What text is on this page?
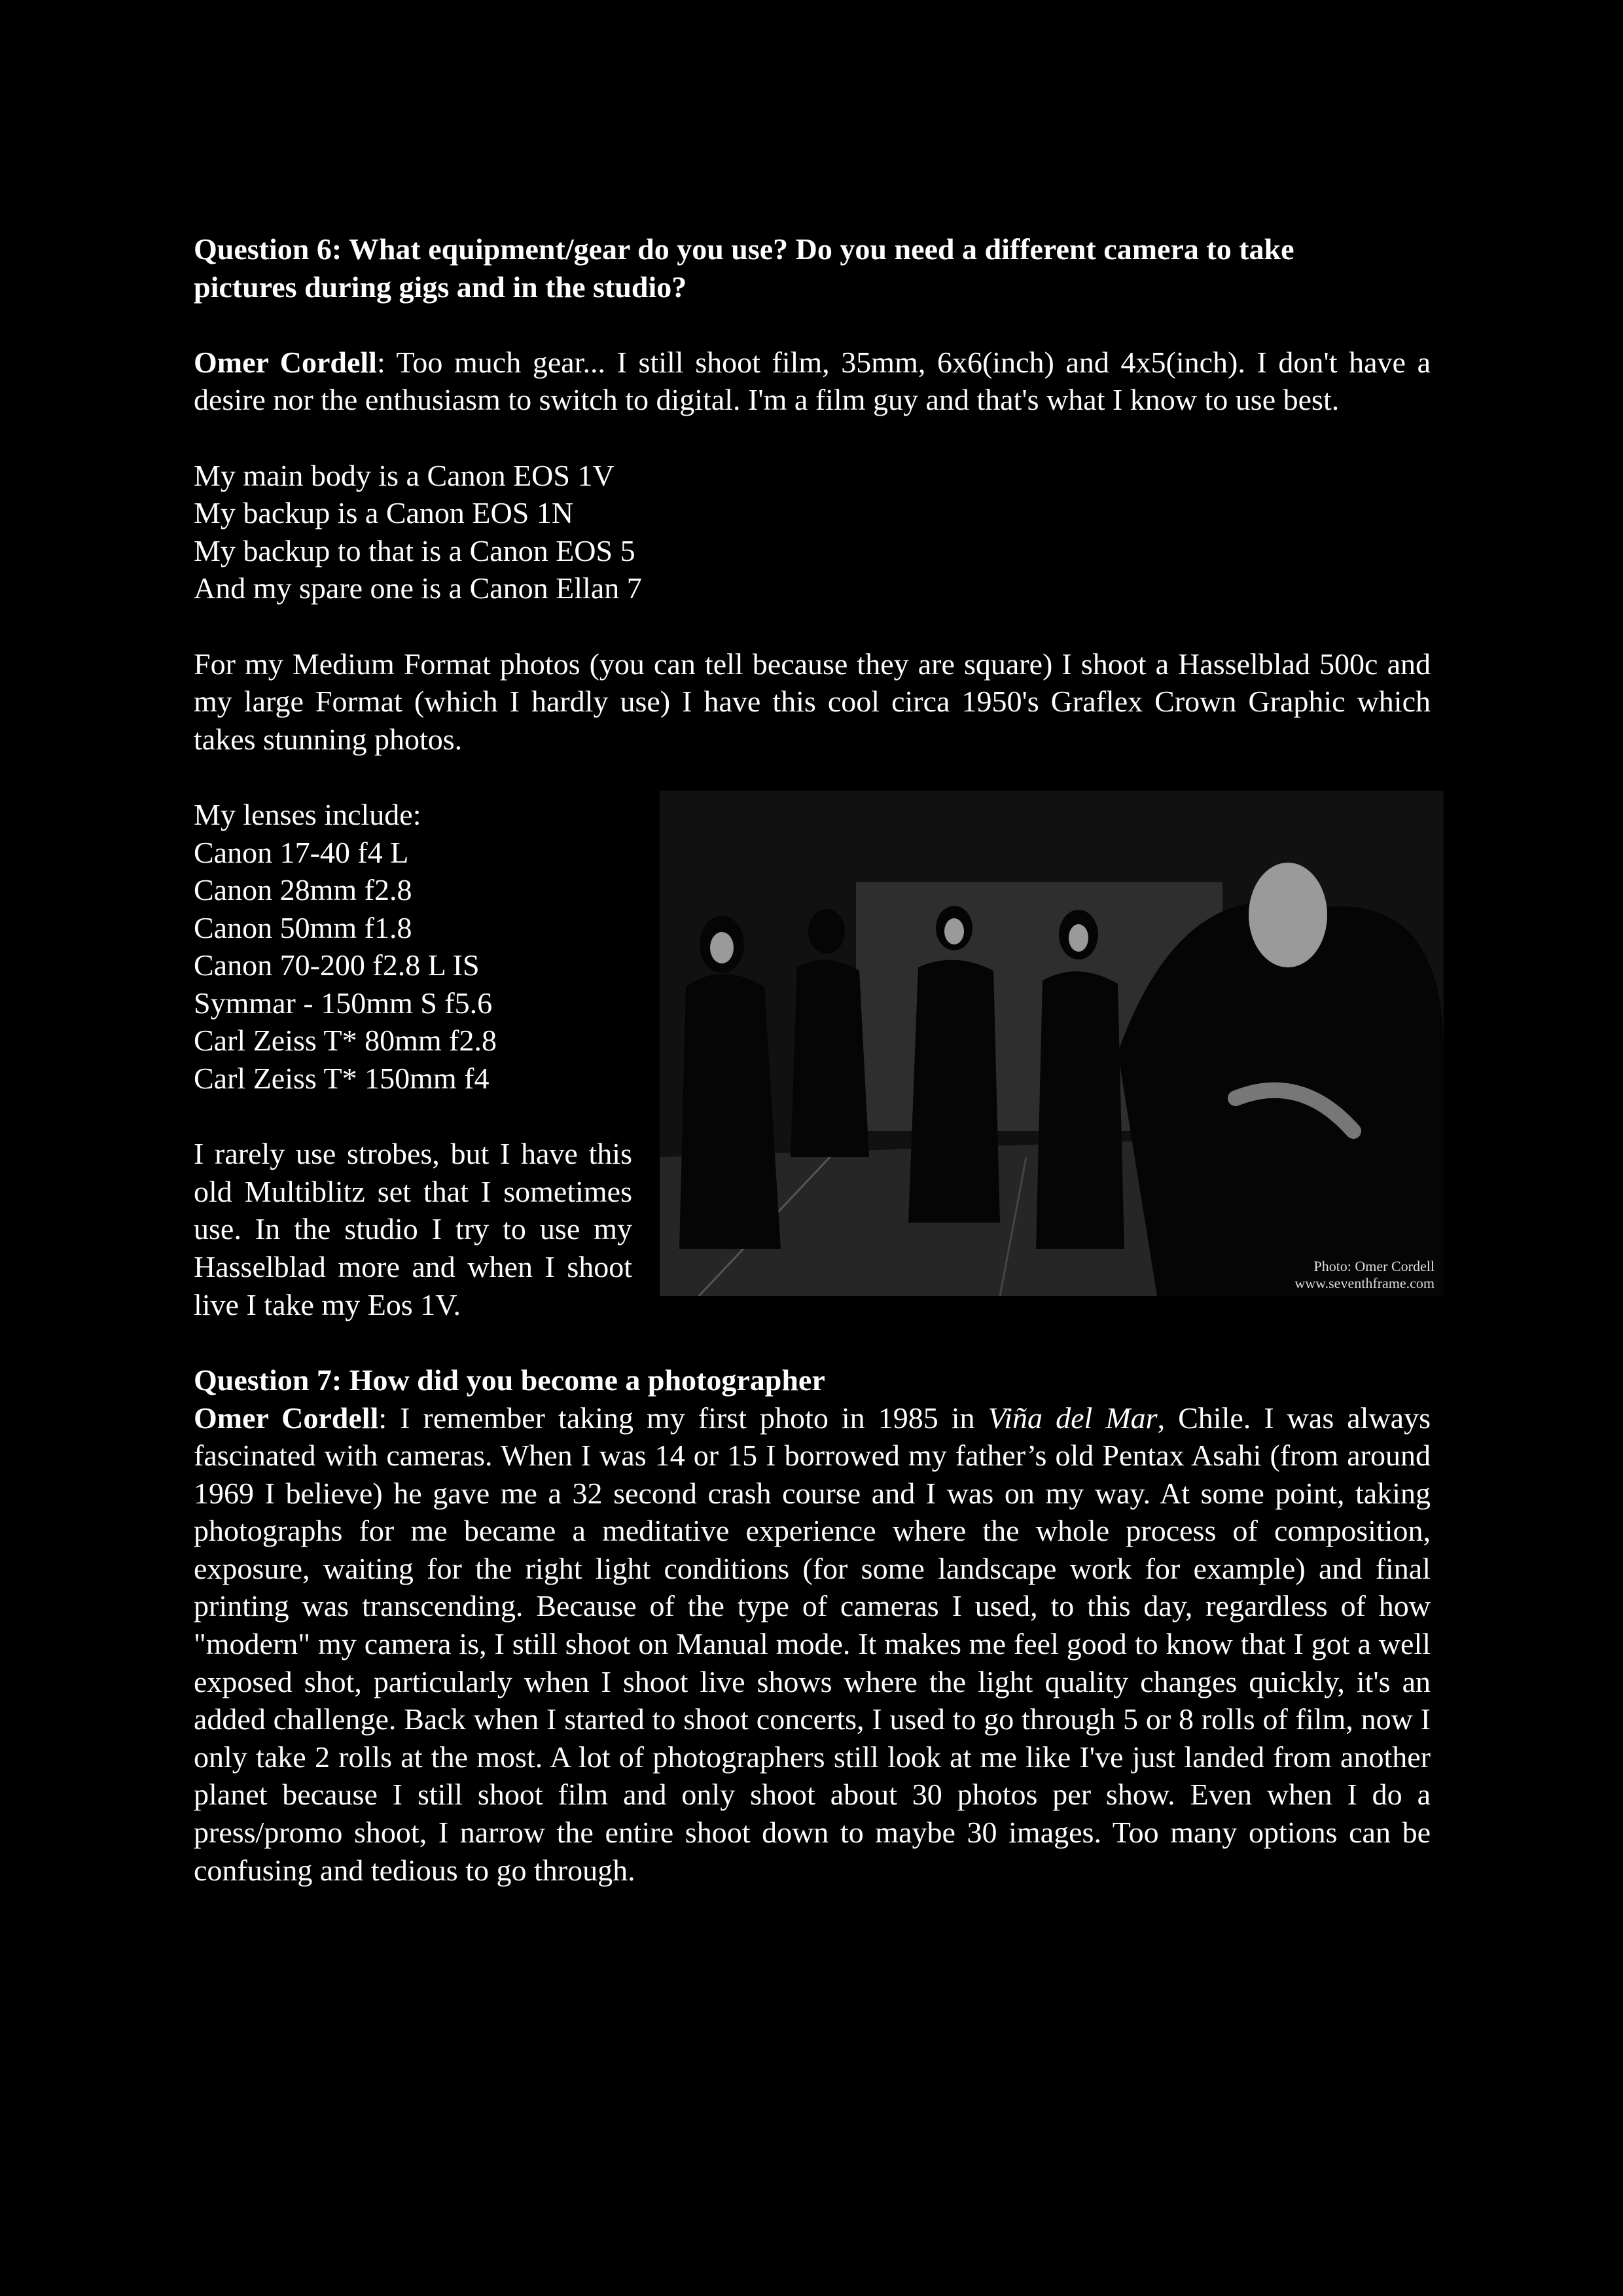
Question 6: What equipment/gear do you use? Do you need a different camera to take
pictures during gigs and in the studio?

Omer Cordell: Too much gear... I still shoot film, 35mm, 6x6(inch) and 4x5(inch). I don't have a desire nor the enthusiasm to switch to digital. I'm a film guy and that's what I know to use best.

My main body is a Canon EOS 1V

My backup is a Canon EOS 1N

My backup to that is a Canon EOS 5

And my spare one is a Canon Ellan 7

For my Medium Format photos (you can tell because they are square) I shoot a Hasselblad 500c and my large Format (which I hardly use) I have this cool circa 1950's Graflex Crown Graphic which takes stunning photos.

My lenses include:

Canon 17-40 f4 L

Canon 28mm f2.8

Canon 50mm f1.8

Canon 70-200 f2.8 L IS

Symmar - 150mm S f5.6

Carl Zeiss T* 80mm f2.8

Carl Zeiss T* 150mm f4

I rarely use strobes, but I have this old Multiblitz set that I sometimes use. In the studio I try to use my Hasselblad more and when I shoot live I take my Eos 1V.

Photo: Omer Cordell
www.seventhframe.com

Question 7: How did you become a photographer

Omer Cordell: I remember taking my first photo in 1985 in Viña del Mar, Chile. I was always fascinated with cameras. When I was 14 or 15 I borrowed my father’s old Pentax Asahi (from around 1969 I believe) he gave me a 32 second crash course and I was on my way. At some point, taking photographs for me became a meditative experience where the whole process of composition, exposure, waiting for the right light conditions (for some landscape work for example) and final printing was transcending. Because of the type of cameras I used, to this day, regardless of how "modern" my camera is, I still shoot on Manual mode. It makes me feel good to know that I got a well exposed shot, particularly when I shoot live shows where the light quality changes quickly, it's an added challenge. Back when I started to shoot concerts, I used to go through 5 or 8 rolls of film, now I only take 2 rolls at the most. A lot of photographers still look at me like I've just landed from another planet because I still shoot film and only shoot about 30 photos per show. Even when I do a press/promo shoot, I narrow the entire shoot down to maybe 30 images. Too many options can be confusing and tedious to go through.
